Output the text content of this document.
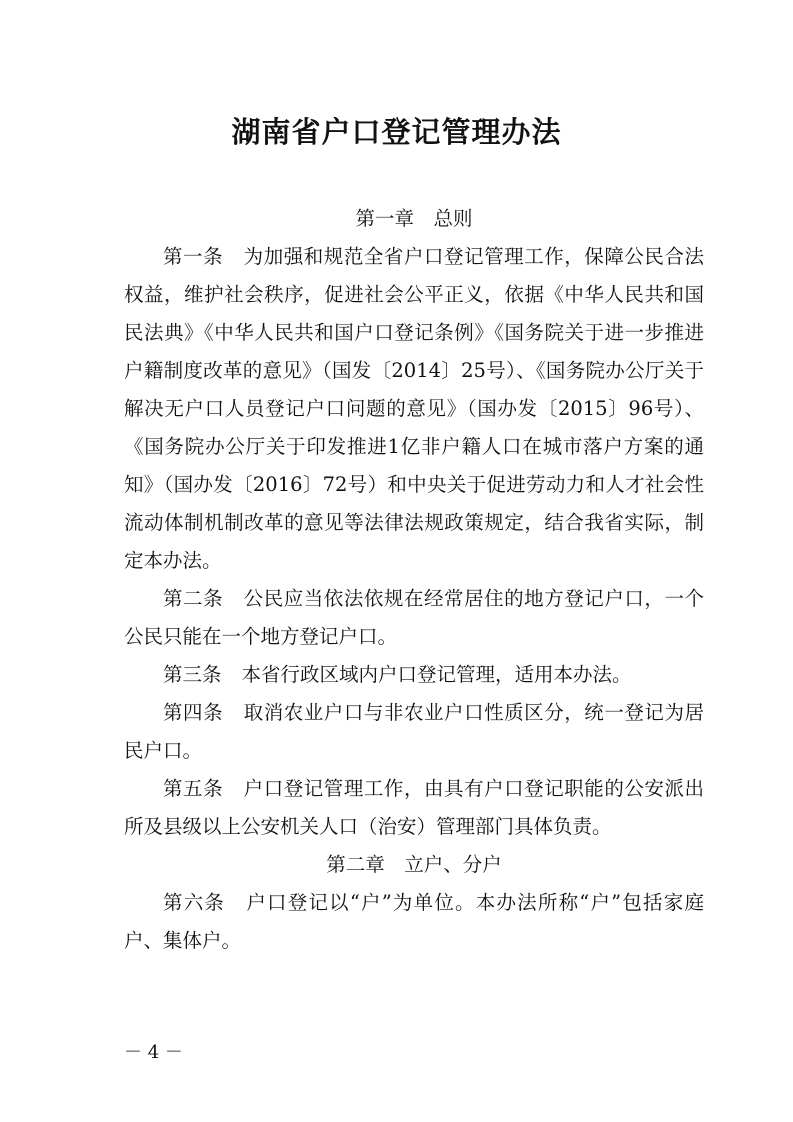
湖南省户口登记管理办法
第一章　总则

第一条 为加强和规范全省户口登记管理工作，保障公民合法权益，维护社会秩序，促进社会公平正义，依据《中华人民共和国民法典》《中华人民共和国户口登记条例》《国务院关于进一步推进户籍制度改革的意见》（国发〔2014〕25号）、《国务院办公厅关于解决无户口人员登记户口问题的意见》（国办发〔2015〕96号）、《国务院办公厅关于印发推进1亿非户籍人口在城市落户方案的通知》（国办发〔2016〕72号）和中央关于促进劳动力和人才社会性流动体制机制改革的意见等法律法规政策规定，结合我省实际，制定本办法。

第二条 公民应当依法依规在经常居住的地方登记户口，一个公民只能在一个地方登记户口。

第三条 本省行政区域内户口登记管理，适用本办法。

第四条 取消农业户口与非农业户口性质区分，统一登记为居民户口。

第五条 户口登记管理工作，由具有户口登记职能的公安派出所及县级以上公安机关人口（治安）管理部门具体负责。

第二章　立户、分户

第六条 户口登记以“户”为单位。本办法所称“户”包括家庭户、集体户。

－ 4 －
